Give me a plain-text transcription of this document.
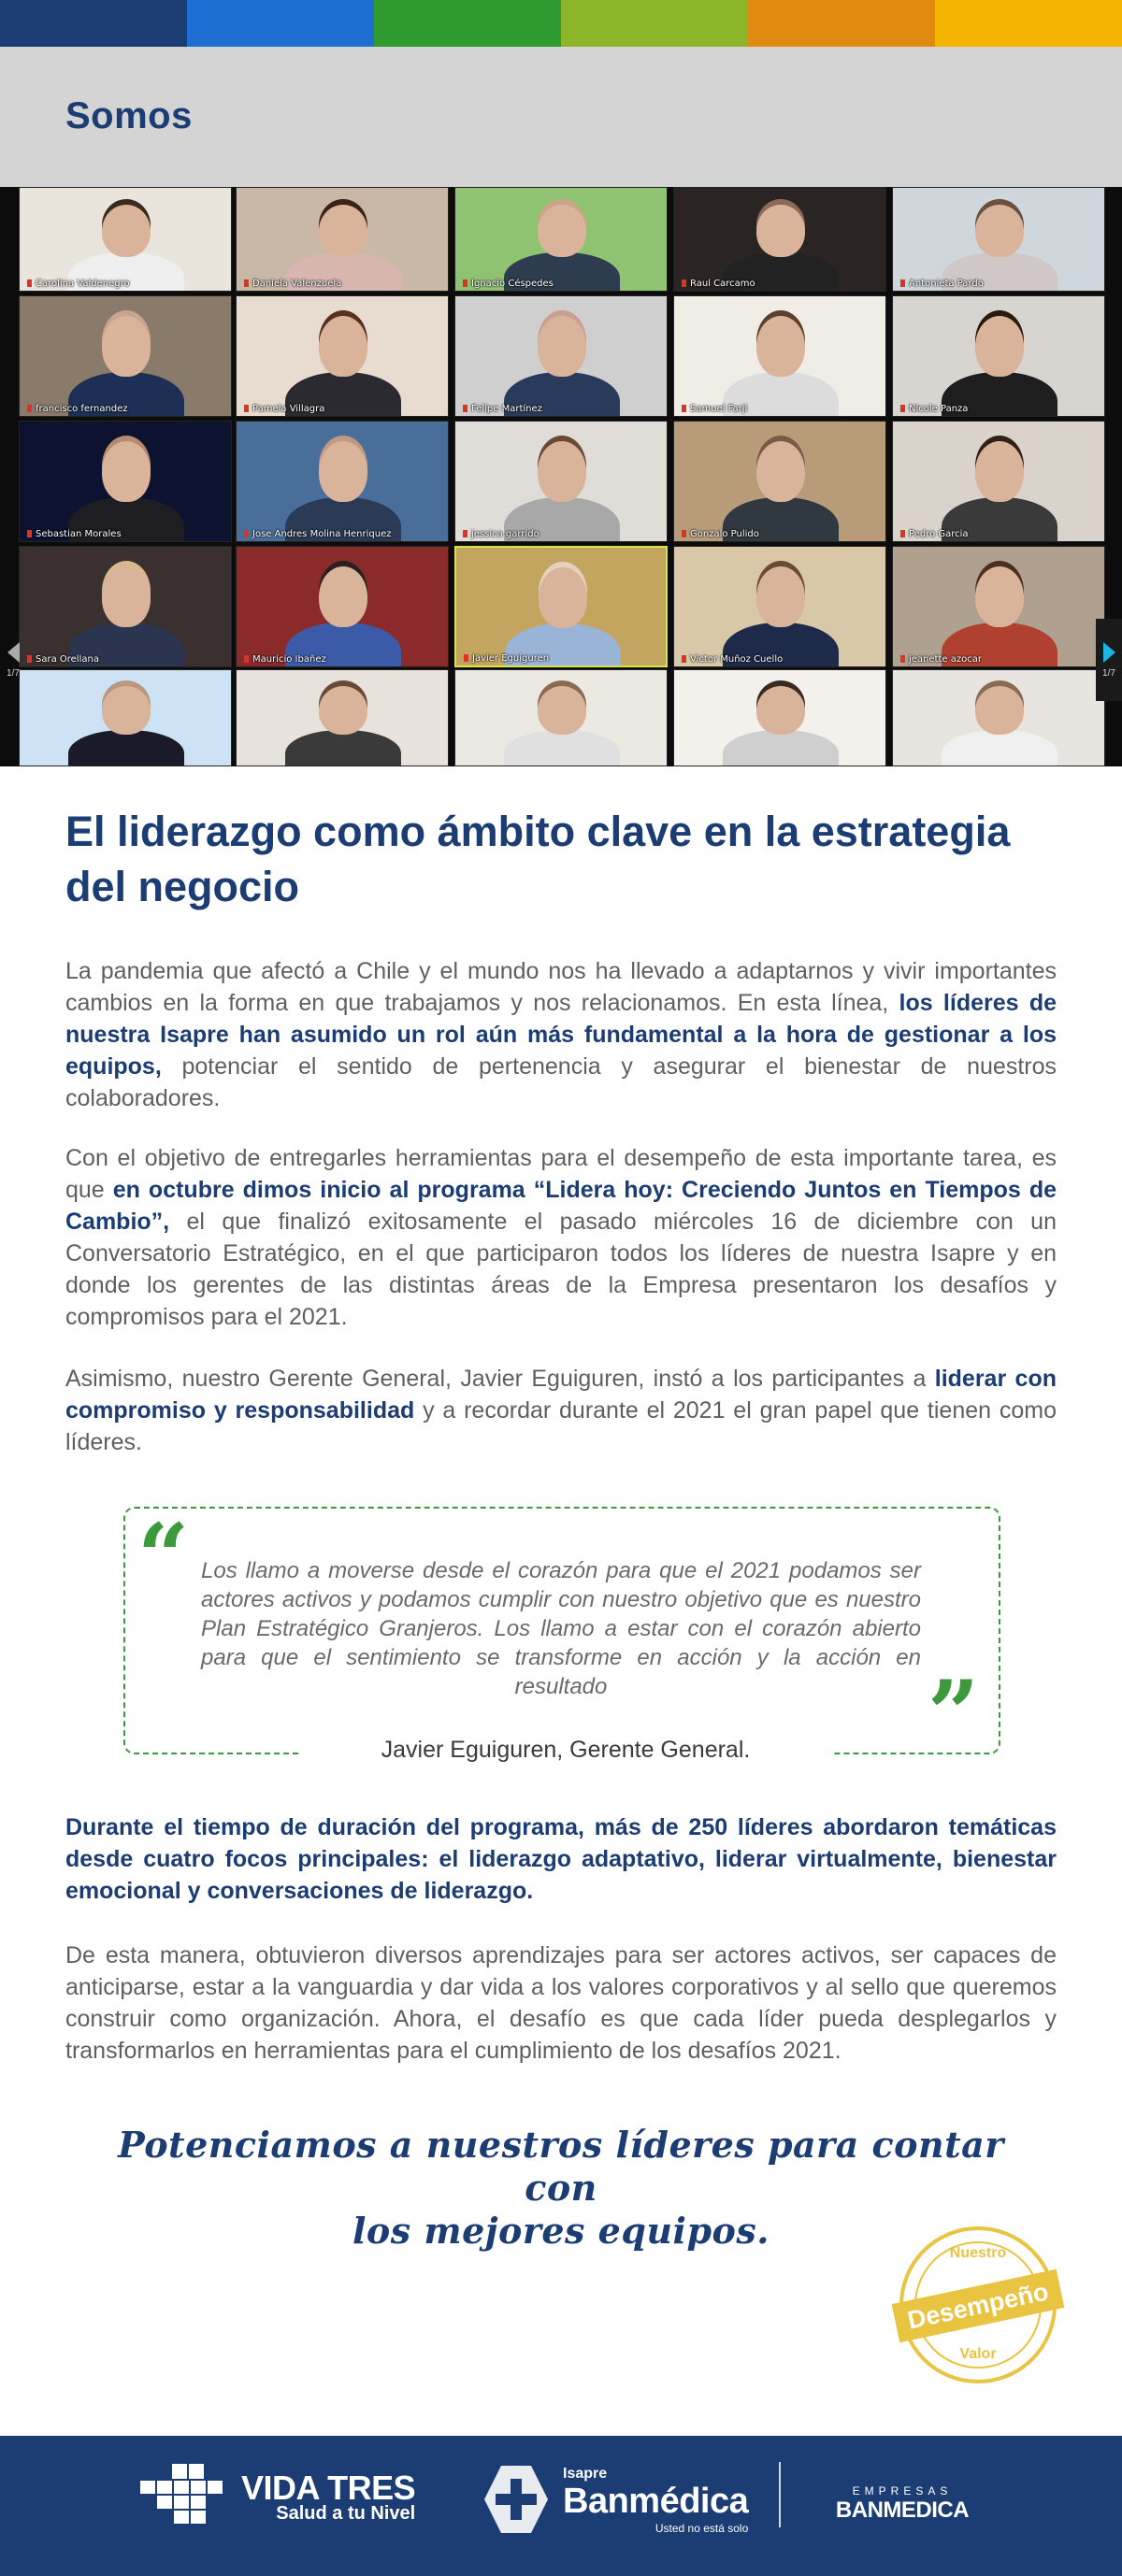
Somos
jeanette azocar
Victor Muñoz Cuello
Javier Eguiguren
Mauricio Ibañez
Sara Orellana
Pedro Garcia
Gonzalo Pulido
jessica garrido
Jose Andres Molina Henriquez
Sebastian Morales
Nicole Panza
Samuel Farji
Felipe Martínez
Pamela Villagra
francisco fernandez
Antonieta Pardo
Raul Carcamo
Ignacio Céspedes
Daniela Valenzuela
Carolina Valdenegro
1/7	1/7
El liderazgo como ámbito clave en la estrategia del negocio

La pandemia que afectó a Chile y el mundo nos ha llevado a adaptarnos y vivir importantes cambios en la forma en que trabajamos y nos relacionamos. En esta línea, los líderes de nuestra Isapre han asumido un rol aún más fundamental a la hora de gestionar a los equipos, potenciar el sentido de pertenencia y asegurar el bienestar de nuestros colaboradores.

Con el objetivo de entregarles herramientas para el desempeño de esta importante tarea, es que en octubre dimos inicio al programa “Lidera hoy: Creciendo Juntos en Tiempos de Cambio”, el que finalizó exitosamente el pasado miércoles 16 de diciembre con un Conversatorio Estratégico, en el que participaron todos los líderes de nuestra Isapre y en donde los gerentes de las distintas áreas de la Empresa presentaron los desafíos y compromisos para el 2021.

Asimismo, nuestro Gerente General, Javier Eguiguren, instó a los participantes a liderar con compromiso y responsabilidad y a recordar durante el 2021 el gran papel que tienen como líderes.

“
”

Los llamo a moverse desde el corazón para que el 2021 podamos ser actores activos y podamos cumplir con nuestro objetivo que es nuestro Plan Estratégico Granjeros. Los llamo a estar con el corazón abierto para que el sentimiento se transforme en acción y la acción en resultado

Javier Eguiguren, Gerente General.

Durante el tiempo de duración del programa, más de 250 líderes abordaron temáticas desde cuatro focos principales: el liderazgo adaptativo, liderar virtualmente, bienestar emocional y conversaciones de liderazgo.

De esta manera, obtuvieron diversos aprendizajes para ser actores activos, ser capaces de anticiparse, estar a la vanguardia y dar vida a los valores corporativos y al sello que queremos construir como organización. Ahora, el desafío es que cada líder pueda desplegarlos y transformarlos en herramientas para el cumplimiento de los desafíos 2021.

Potenciamos a nuestros líderes para contar con
los mejores equipos.
Nuestro
Desempeño
Valor
VIDA TRES
Salud a tu Nivel
Isapre
Banmédica
Usted no está solo
EMPRESAS
BANMEDICA
